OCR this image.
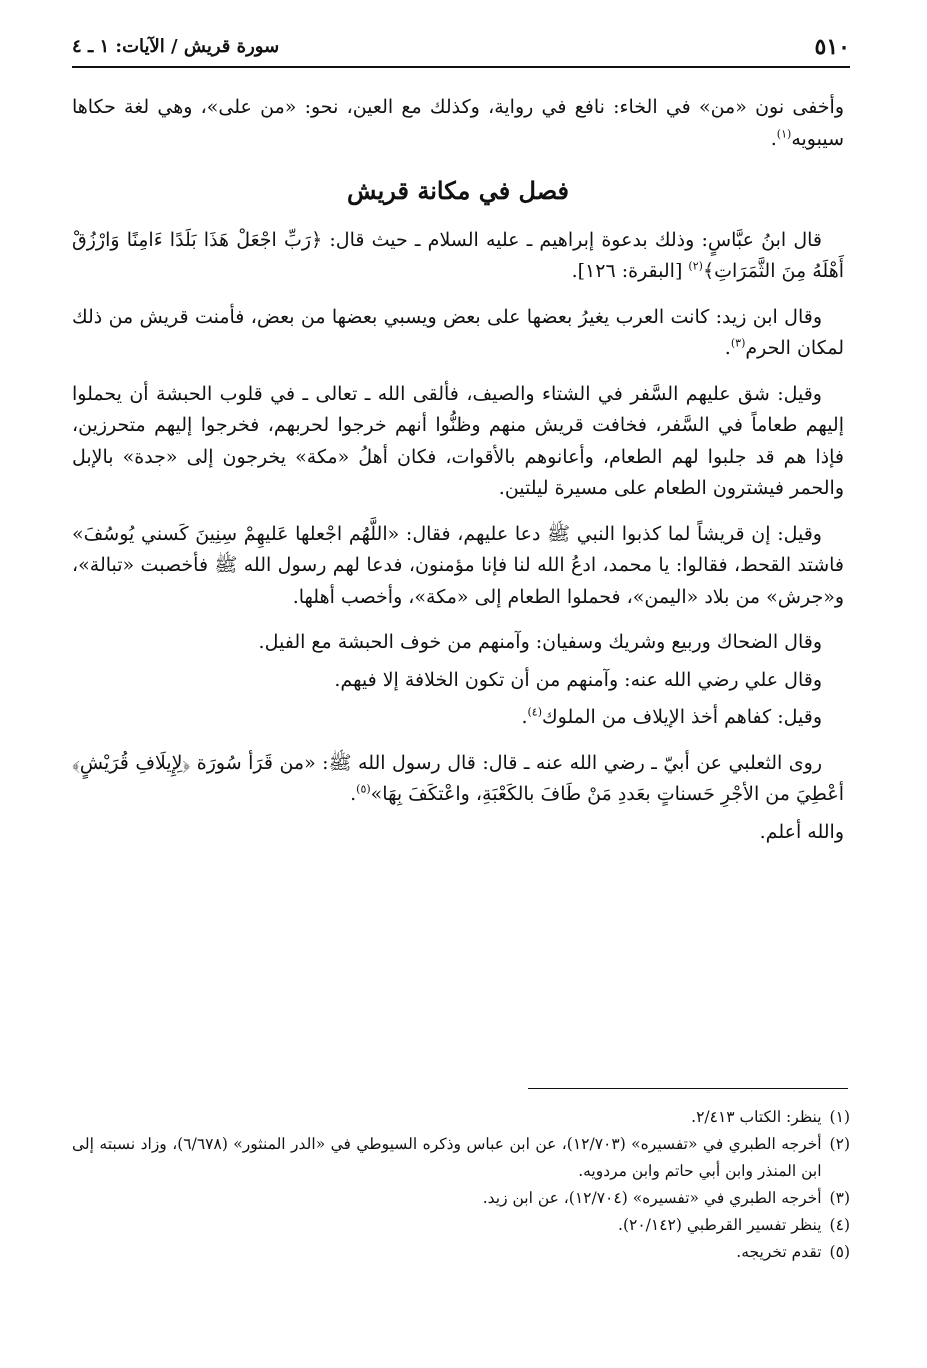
٥١٠
سورة قريش / الآيات: ١ ـ ٤

وأخفى نون «من» في الخاء: نافع في رواية، وكذلك مع العين، نحو: «من على»، وهي لغة حكاها سيبويه$^{(١)}$.

فصل في مكانة قريش

قال ابنُ عبَّاسٍ: وذلك بدعوة إبراهيم ـ عليه السلام ـ حيث قال: ﴿رَبِّ اجْعَلْ هَذَا بَلَدًا ءَامِنًا وَارْزُقْ أَهْلَهُ مِنَ الثَّمَرَاتِ﴾$^{(٢)}$ [البقرة: ١٢٦].

وقال ابن زيد: كانت العرب يغيرُ بعضها على بعض ويسبي بعضها من بعض، فأمنت قريش من ذلك لمكان الحرم$^{(٣)}$.

وقيل: شق عليهم السَّفر في الشتاء والصيف، فألقى الله ـ تعالى ـ في قلوب الحبشة أن يحملوا إليهم طعاماً في السَّفر، فخافت قريش منهم وظنُّوا أنهم خرجوا لحربهم، فخرجوا إليهم متحرزين، فإذا هم قد جلبوا لهم الطعام، وأعانوهم بالأقوات، فكان أهلُ «مكة» يخرجون إلى «جدة» بالإبل والحمر فيشترون الطعام على مسيرة ليلتين.

وقيل: إن قريشاً لما كذبوا النبي ﷺ دعا عليهم، فقال: «اللَّهُم اجْعلها عَليهِمْ سِنِينَ كَسني يُوسُفَ» فاشتد القحط، فقالوا: يا محمد، ادعُ الله لنا فإنا مؤمنون، فدعا لهم رسول الله ﷺ فأخصبت «تبالة»، و«جرش» من بلاد «اليمن»، فحملوا الطعام إلى «مكة»، وأخصب أهلها.

وقال الضحاك وربيع وشريك وسفيان: وآمنهم من خوف الحبشة مع الفيل.

وقال علي رضي الله عنه: وآمنهم من أن تكون الخلافة إلا فيهم.

وقيل: كفاهم أخذ الإيلاف من الملوك$^{(٤)}$.

روى الثعلبي عن أبيّ ـ رضي الله عنه ـ قال: قال رسول الله ﷺ: «من قَرَأ سُورَة ﴿لِإِيلَافِ قُرَيْشٍ﴾ أعْطِيَ من الأجْرِ حَسناتٍ بعَددِ مَنْ طَافَ بالكَعْبَةِ، واعْتكَفَ بِهَا»$^{(٥)}$.

والله أعلم.

(١)
ينظر: الكتاب ٢/٤١٣.
(٢)
أخرجه الطبري في «تفسيره» (١٢/٧٠٣)، عن ابن عباس وذكره السيوطي في «الدر المنثور» (٦/٦٧٨)، وزاد نسبته إلى ابن المنذر وابن أبي حاتم وابن مردويه.
(٣)
أخرجه الطبري في «تفسيره» (١٢/٧٠٤)، عن ابن زيد.
(٤)
ينظر تفسير القرطبي (٢٠/١٤٢).
(٥)
تقدم تخريجه.
